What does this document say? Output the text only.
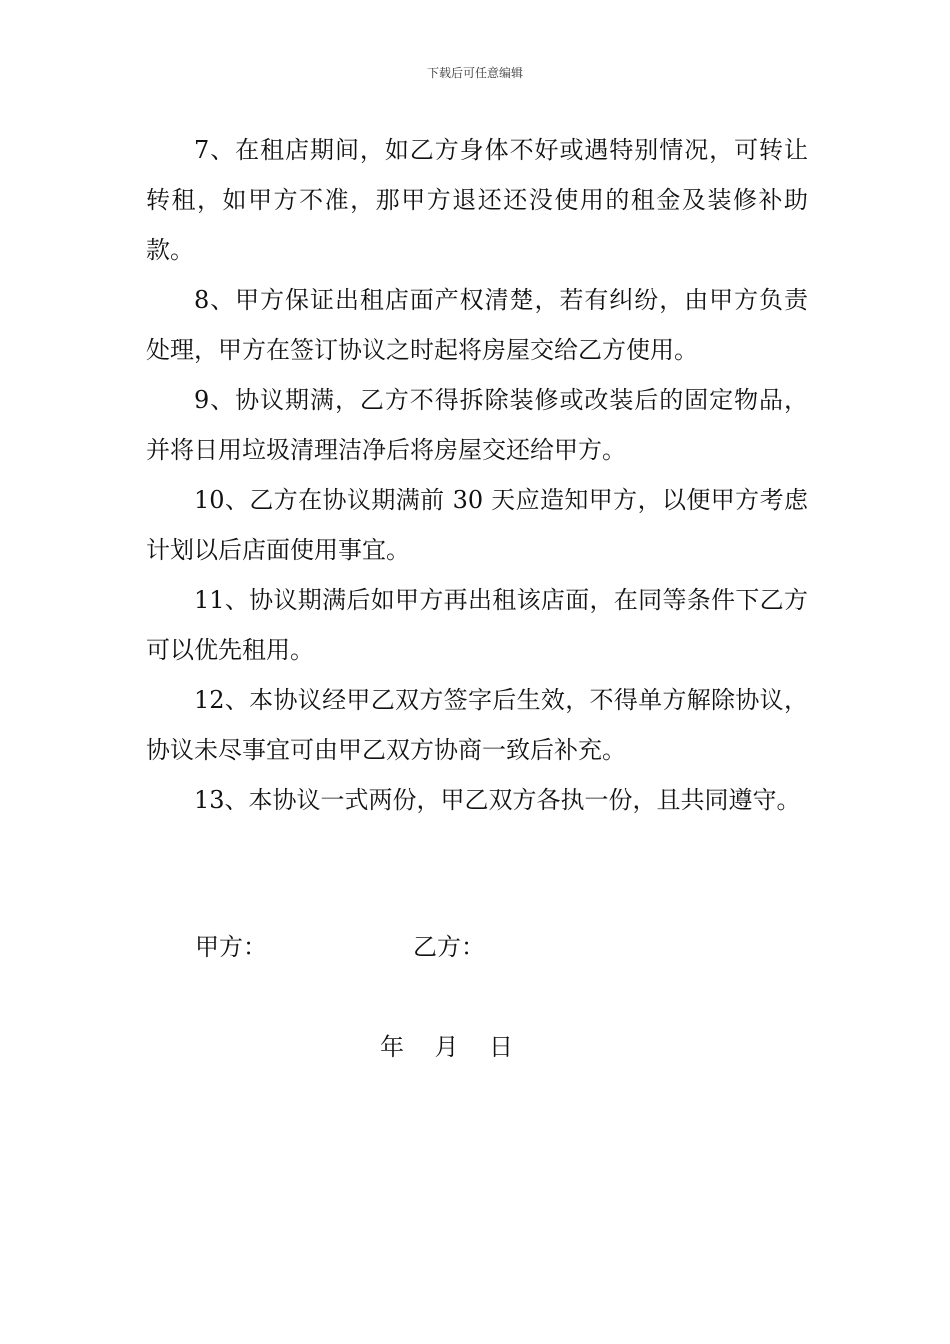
下载后可任意编辑

7、在租店期间，如乙方身体不好或遇特别情况，可转让转租，如甲方不准，那甲方退还还没使用的租金及装修补助款。

8、甲方保证出租店面产权清楚，若有纠纷，由甲方负责处理，甲方在签订协议之时起将房屋交给乙方使用。

9、协议期满，乙方不得拆除装修或改装后的固定物品，并将日用垃圾清理洁净后将房屋交还给甲方。

10、乙方在协议期满前 30 天应造知甲方，以便甲方考虑计划以后店面使用事宜。

11、协议期满后如甲方再出租该店面，在同等条件下乙方可以优先租用。

12、本协议经甲乙双方签字后生效，不得单方解除协议，协议未尽事宜可由甲乙双方协商一致后补充。

13、本协议一式两份，甲乙双方各执一份，且共同遵守。

甲方：	乙方：
年    月    日
